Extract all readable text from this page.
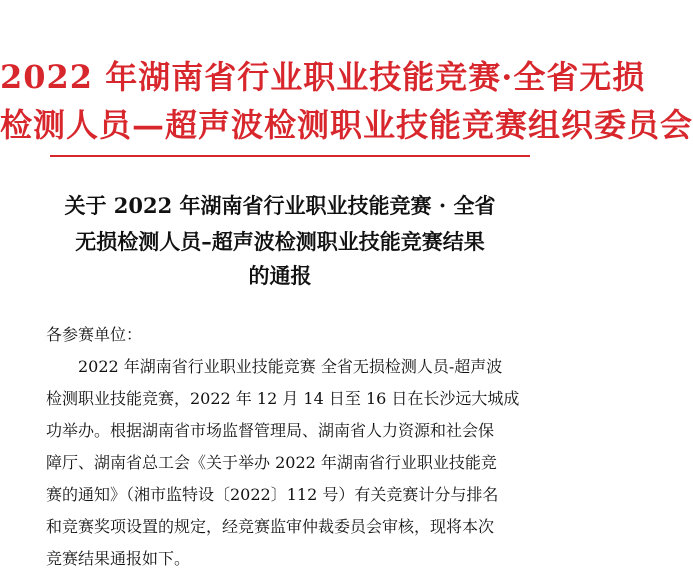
2022 年湖南省行业职业技能竞赛·全省无损
检测人员—超声波检测职业技能竞赛组织委员会
关于 2022 年湖南省行业职业技能竞赛 · 全省
无损检测人员–超声波检测职业技能竞赛结果
的通报
各参赛单位：
2022 年湖南省行业职业技能竞赛 全省无损检测人员-超声波
检测职业技能竞赛，2022 年 12 月 14 日至 16 日在长沙远大城成
功举办。根据湖南省市场监督管理局、湖南省人力资源和社会保
障厅、湖南省总工会《关于举办 2022 年湖南省行业职业技能竞
赛的通知》（湘市监特设〔2022〕112 号）有关竞赛计分与排名
和竞赛奖项设置的规定，经竞赛监审仲裁委员会审核，现将本次
竞赛结果通报如下。
